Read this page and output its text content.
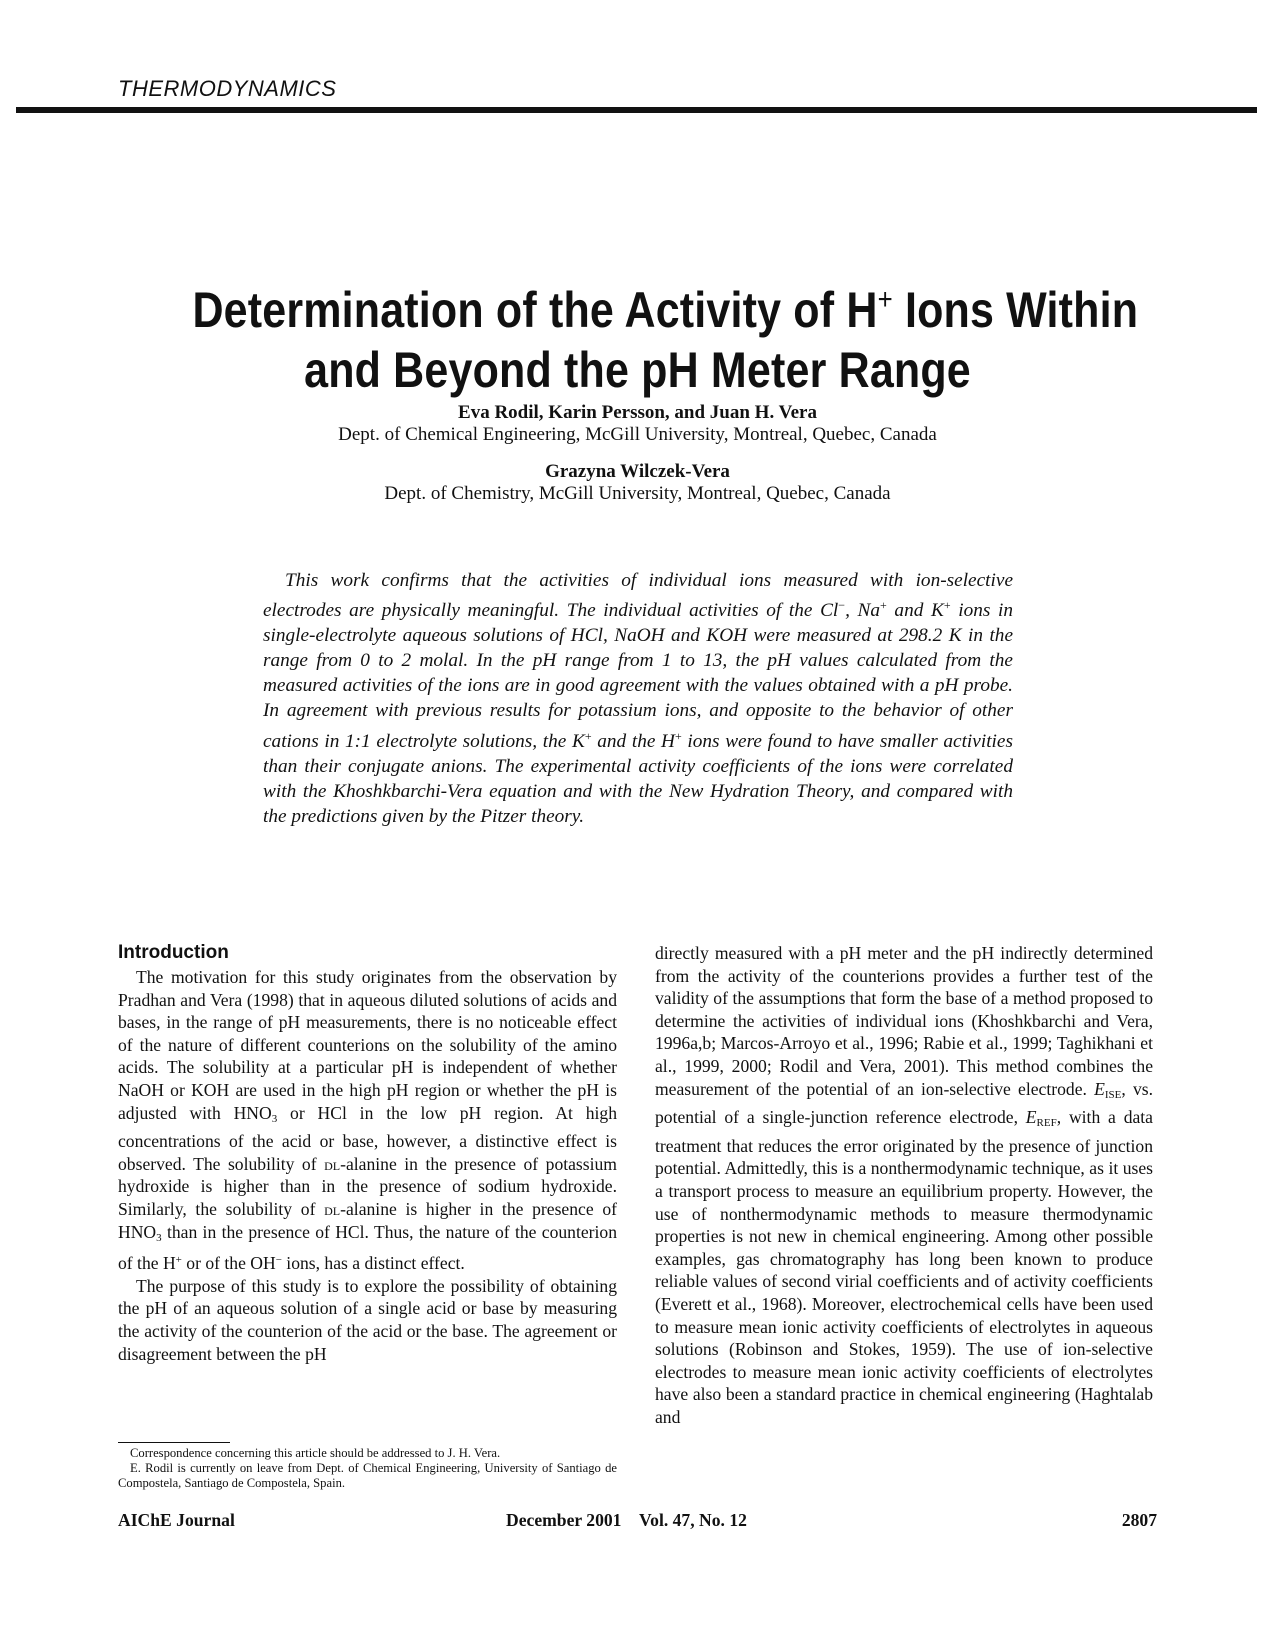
THERMODYNAMICS
Determination of the Activity of H+ Ions Within
and Beyond the pH Meter Range
Eva Rodil, Karin Persson, and Juan H. Vera
Dept. of Chemical Engineering, McGill University, Montreal, Quebec, Canada
Grazyna Wilczek-Vera
Dept. of Chemistry, McGill University, Montreal, Quebec, Canada
This work confirms that the activities of individual ions measured with ion-selective electrodes are physically meaningful. The individual activities of the Cl−, Na+ and K+ ions in single-electrolyte aqueous solutions of HCl, NaOH and KOH were measured at 298.2 K in the range from 0 to 2 molal. In the pH range from 1 to 13, the pH values calculated from the measured activities of the ions are in good agreement with the values obtained with a pH probe. In agreement with previous results for potassium ions, and opposite to the behavior of other cations in 1:1 electrolyte solutions, the K+ and the H+ ions were found to have smaller activities than their conjugate anions. The experimental activity coefficients of the ions were correlated with the Khoshkbarchi-Vera equation and with the New Hydration Theory, and compared with the predictions given by the Pitzer theory.
Introduction

The motivation for this study originates from the observation by Pradhan and Vera (1998) that in aqueous diluted solutions of acids and bases, in the range of pH measurements, there is no noticeable effect of the nature of different counterions on the solubility of the amino acids. The solubility at a particular pH is independent of whether NaOH or KOH are used in the high pH region or whether the pH is adjusted with $HNO_3$ or HCl in the low pH region. At high concentrations of the acid or base, however, a distinctive effect is observed. The solubility of dl-alanine in the presence of potassium hydroxide is higher than in the presence of sodium hydroxide. Similarly, the solubility of dl-alanine is higher in the presence of $HNO_3$ than in the presence of HCl. Thus, the nature of the counterion of the H+ or of the OH− ions, has a distinct effect.

The purpose of this study is to explore the possibility of obtaining the pH of an aqueous solution of a single acid or base by measuring the activity of the counterion of the acid or the base. The agreement or disagreement between the pH

directly measured with a pH meter and the pH indirectly determined from the activity of the counterions provides a further test of the validity of the assumptions that form the base of a method proposed to determine the activities of individual ions (Khoshkbarchi and Vera, 1996a,b; Marcos-Arroyo et al., 1996; Rabie et al., 1999; Taghikhani et al., 1999, 2000; Rodil and Vera, 2001). This method combines the measurement of the potential of an ion-selective electrode. $E_{ISE}$, vs. potential of a single-junction reference electrode, $E_{REF}$, with a data treatment that reduces the error originated by the presence of junction potential. Admittedly, this is a nonthermodynamic technique, as it uses a transport process to measure an equilibrium property. However, the use of nonthermodynamic methods to measure thermodynamic properties is not new in chemical engineering. Among other possible examples, gas chromatography has long been known to produce reliable values of second virial coefficients and of activity coefficients (Everett et al., 1968). Moreover, electrochemical cells have been used to measure mean ionic activity coefficients of electrolytes in aqueous solutions (Robinson and Stokes, 1959). The use of ion-selective electrodes to measure mean ionic activity coefficients of electrolytes have also been a standard practice in chemical engineering (Haghtalab and

Correspondence concerning this article should be addressed to J. H. Vera.

E. Rodil is currently on leave from Dept. of Chemical Engineering, University of Santiago de Compostela, Santiago de Compostela, Spain.

AIChE Journal	December 2001 Vol. 47, No. 12	2807
